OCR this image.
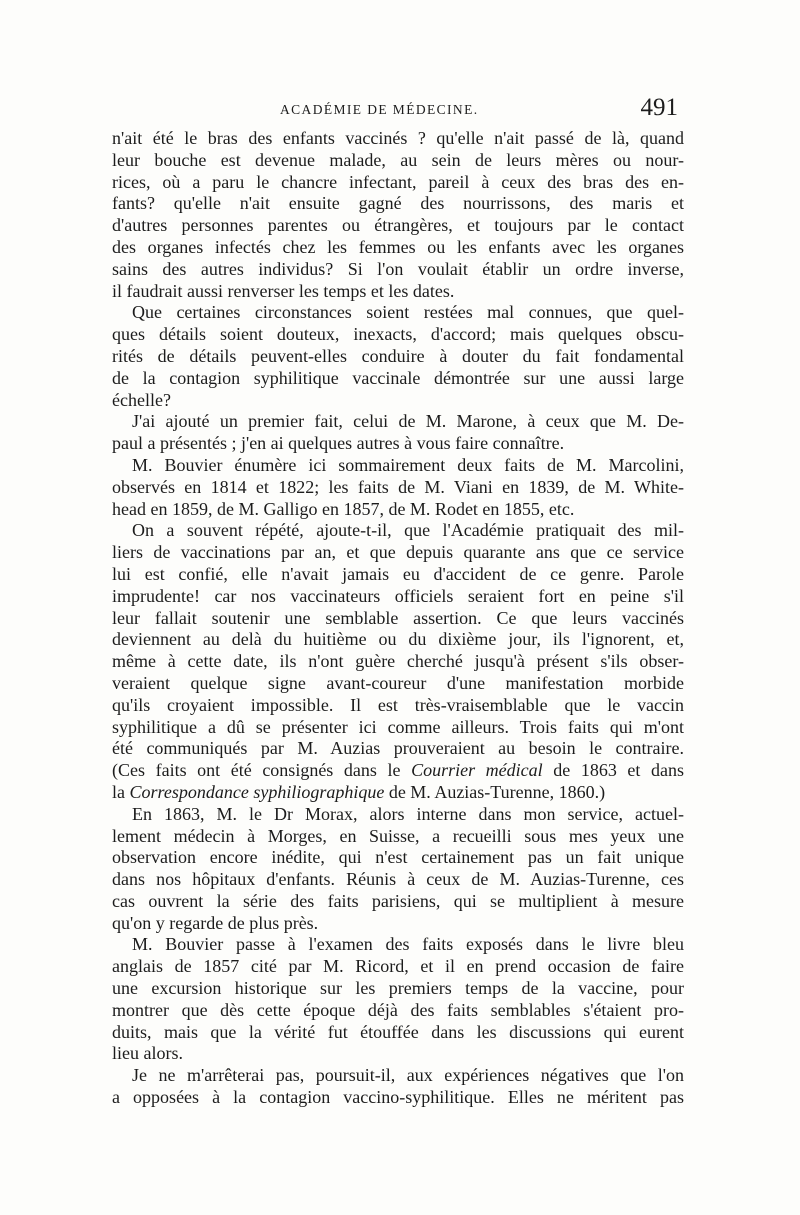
ACADÉMIE DE MÉDECINE.	491
n'ait été le bras des enfants vaccinés ? qu'elle n'ait passé de là, quand
leur bouche est devenue malade, au sein de leurs mères ou nour-
rices, où a paru le chancre infectant, pareil à ceux des bras des en-
fants? qu'elle n'ait ensuite gagné des nourrissons, des maris et
d'autres personnes parentes ou étrangères, et toujours par le contact
des organes infectés chez les femmes ou les enfants avec les organes
sains des autres individus? Si l'on voulait établir un ordre inverse,
il faudrait aussi renverser les temps et les dates.
Que certaines circonstances soient restées mal connues, que quel-
ques détails soient douteux, inexacts, d'accord; mais quelques obscu-
rités de détails peuvent-elles conduire à douter du fait fondamental
de la contagion syphilitique vaccinale démontrée sur une aussi large
échelle?
J'ai ajouté un premier fait, celui de M. Marone, à ceux que M. De-
paul a présentés ; j'en ai quelques autres à vous faire connaître.
M. Bouvier énumère ici sommairement deux faits de M. Marcolini,
observés en 1814 et 1822; les faits de M. Viani en 1839, de M. White-
head en 1859, de M. Galligo en 1857, de M. Rodet en 1855, etc.
On a souvent répété, ajoute-t-il, que l'Académie pratiquait des mil-
liers de vaccinations par an, et que depuis quarante ans que ce service
lui est confié, elle n'avait jamais eu d'accident de ce genre. Parole
imprudente! car nos vaccinateurs officiels seraient fort en peine s'il
leur fallait soutenir une semblable assertion. Ce que leurs vaccinés
deviennent au delà du huitième ou du dixième jour, ils l'ignorent, et,
même à cette date, ils n'ont guère cherché jusqu'à présent s'ils obser-
veraient quelque signe avant-coureur d'une manifestation morbide
qu'ils croyaient impossible. Il est très-vraisemblable que le vaccin
syphilitique a dû se présenter ici comme ailleurs. Trois faits qui m'ont
été communiqués par M. Auzias prouveraient au besoin le contraire.
(Ces faits ont été consignés dans le Courrier médical de 1863 et dans
la Correspondance syphiliographique de M. Auzias-Turenne, 1860.)
En 1863, M. le Dr Morax, alors interne dans mon service, actuel-
lement médecin à Morges, en Suisse, a recueilli sous mes yeux une
observation encore inédite, qui n'est certainement pas un fait unique
dans nos hôpitaux d'enfants. Réunis à ceux de M. Auzias-Turenne, ces
cas ouvrent la série des faits parisiens, qui se multiplient à mesure
qu'on y regarde de plus près.
M. Bouvier passe à l'examen des faits exposés dans le livre bleu
anglais de 1857 cité par M. Ricord, et il en prend occasion de faire
une excursion historique sur les premiers temps de la vaccine, pour
montrer que dès cette époque déjà des faits semblables s'étaient pro-
duits, mais que la vérité fut étouffée dans les discussions qui eurent
lieu alors.
Je ne m'arrêterai pas, poursuit-il, aux expériences négatives que l'on
a opposées à la contagion vaccino-syphilitique. Elles ne méritent pas
